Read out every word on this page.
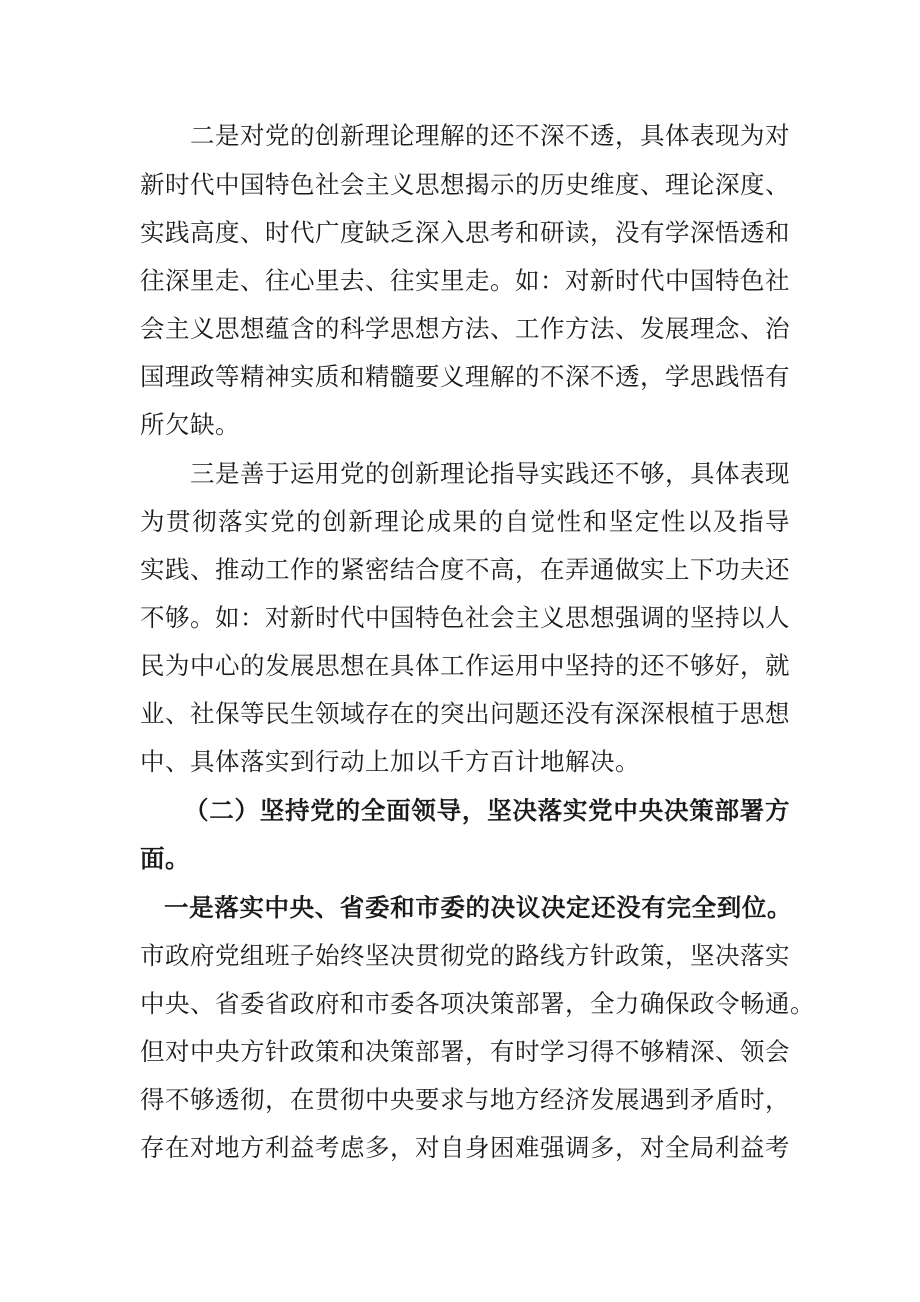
二是对党的创新理论理解的还不深不透，具体表现为对
新时代中国特色社会主义思想揭示的历史维度、理论深度、
实践高度、时代广度缺乏深入思考和研读，没有学深悟透和
往深里走、往心里去、往实里走。如：对新时代中国特色社
会主义思想蕴含的科学思想方法、工作方法、发展理念、治
国理政等精神实质和精髓要义理解的不深不透，学思践悟有
所欠缺。
三是善于运用党的创新理论指导实践还不够，具体表现
为贯彻落实党的创新理论成果的自觉性和坚定性以及指导
实践、推动工作的紧密结合度不高，在弄通做实上下功夫还
不够。如：对新时代中国特色社会主义思想强调的坚持以人
民为中心的发展思想在具体工作运用中坚持的还不够好，就
业、社保等民生领域存在的突出问题还没有深深根植于思想
中、具体落实到行动上加以千方百计地解决。
（二）坚持党的全面领导，坚决落实党中央决策部署方
面。
一是落实中央、省委和市委的决议决定还没有完全到位。
市政府党组班子始终坚决贯彻党的路线方针政策，坚决落实
中央、省委省政府和市委各项决策部署，全力确保政令畅通。
但对中央方针政策和决策部署，有时学习得不够精深、领会
得不够透彻，在贯彻中央要求与地方经济发展遇到矛盾时，
存在对地方利益考虑多，对自身困难强调多，对全局利益考
